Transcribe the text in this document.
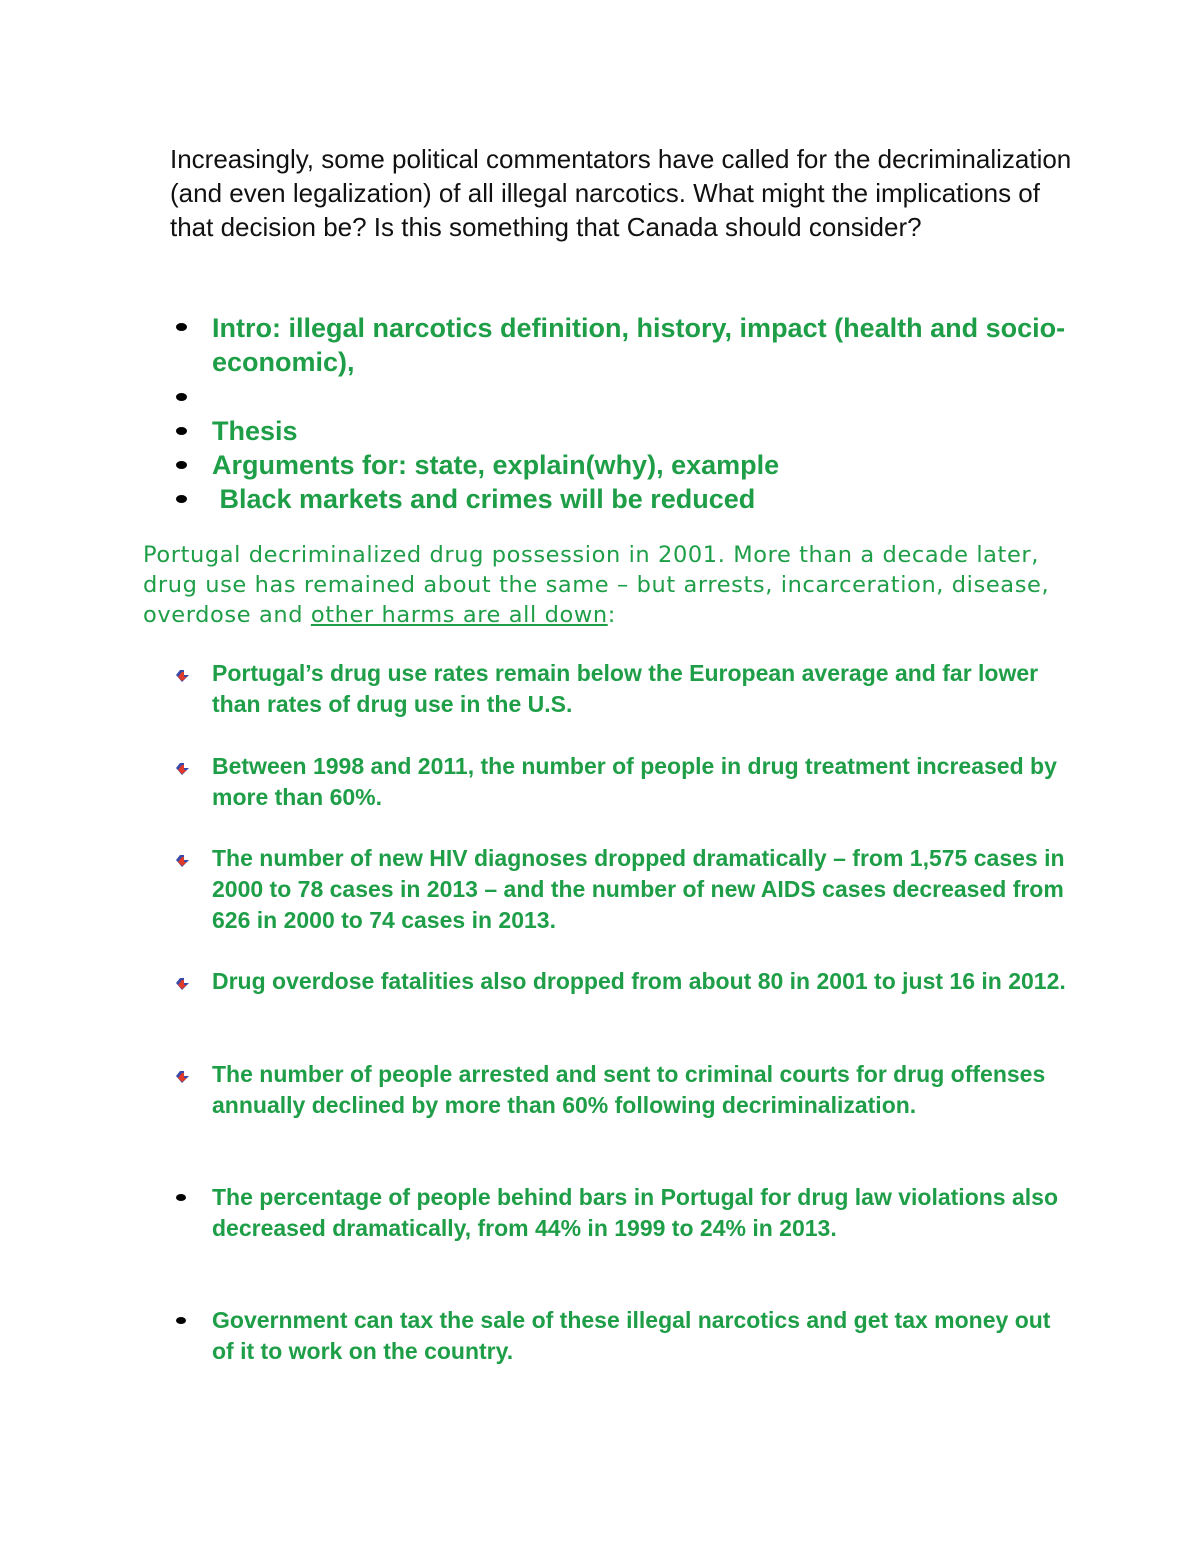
Increasingly, some political commentators have called for the decriminalization (and even legalization) of all illegal narcotics. What might the implications of that decision be? Is this something that Canada should consider?

Intro: illegal narcotics definition, history, impact (health and socio-economic),

Thesis

Arguments for: state, explain(why), example

Black markets and crimes will be reduced

Portugal decriminalized drug possession in 2001. More than a decade later, drug use has remained about the same – but arrests, incarceration, disease, overdose and other harms are all down:

Portugal’s drug use rates remain below the European average and far lower than rates of drug use in the U.S.

Between 1998 and 2011, the number of people in drug treatment increased by more than 60%.

The number of new HIV diagnoses dropped dramatically – from 1,575 cases in 2000 to 78 cases in 2013 – and the number of new AIDS cases decreased from 626 in 2000 to 74 cases in 2013.

Drug overdose fatalities also dropped from about 80 in 2001 to just 16 in 2012.

The number of people arrested and sent to criminal courts for drug offenses annually declined by more than 60% following decriminalization.

The percentage of people behind bars in Portugal for drug law violations also decreased dramatically, from 44% in 1999 to 24% in 2013.

Government can tax the sale of these illegal narcotics and get tax money out of it to work on the country.
